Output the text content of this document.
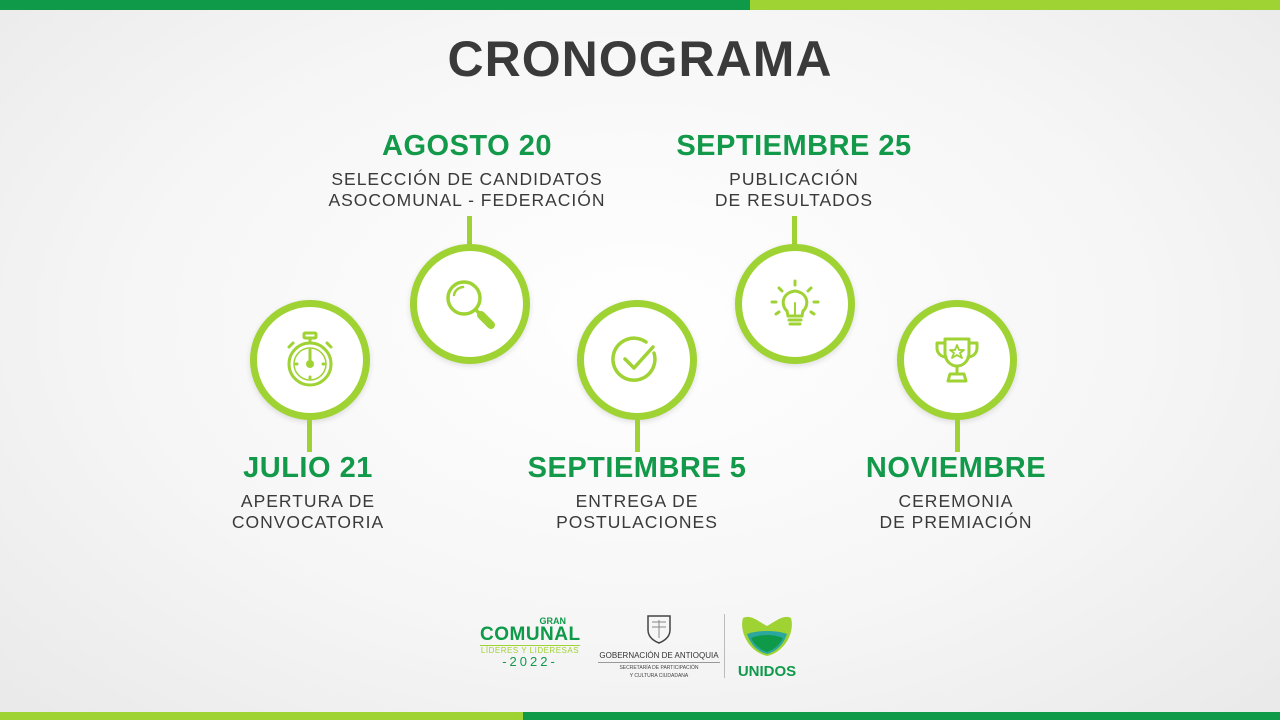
CRONOGRAMA
JULIO 21
APERTURA DE
CONVOCATORIA
AGOSTO 20
SELECCIÓN DE CANDIDATOS
ASOCOMUNAL - FEDERACIÓN
SEPTIEMBRE 5
ENTREGA DE
POSTULACIONES
SEPTIEMBRE 25
PUBLICACIÓN
DE RESULTADOS
NOVIEMBRE
CEREMONIA
DE PREMIACIÓN
GRAN
COMUNAL
LÍDERES Y LIDERESAS
-2022-	GOBERNACIÓN DE ANTIOQUIA
SECRETARÍA DE PARTICIPACIÓN
Y CULTURA CIUDADANA	UNIDOS
